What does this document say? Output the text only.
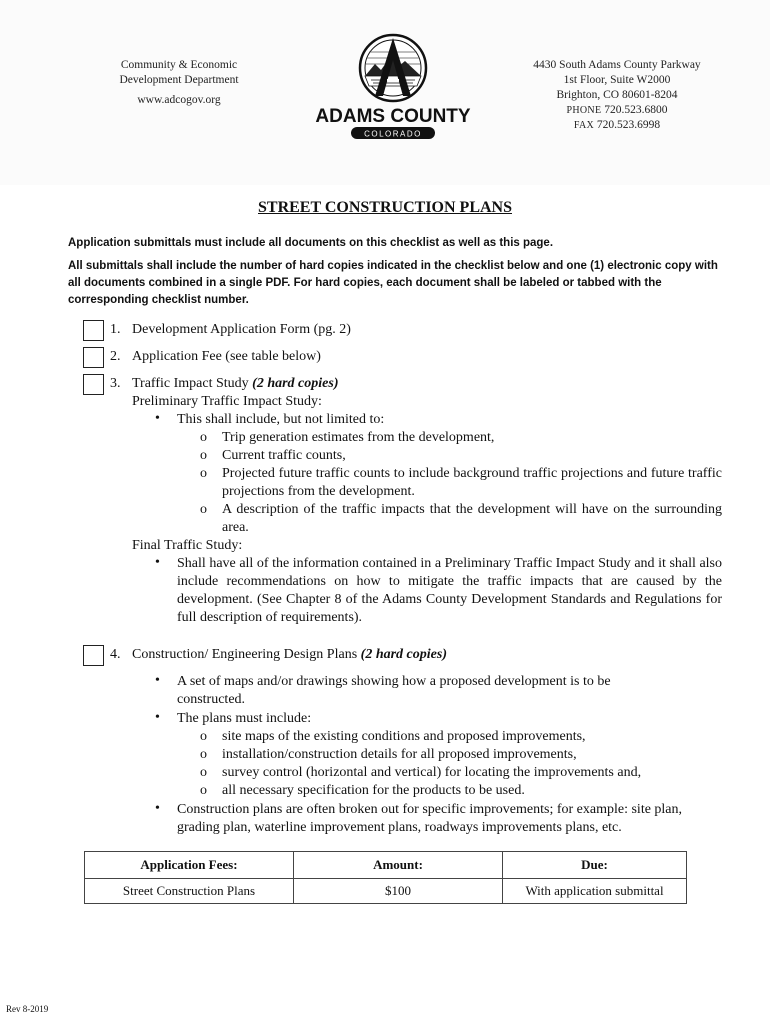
Community & Economic
Development Department
www.adcogov.org
ADAMS COUNTY
COLORADO
4430 South Adams County Parkway
1st Floor, Suite W2000
Brighton, CO 80601-8204
PHONE 720.523.6800
FAX 720.523.6998
STREET CONSTRUCTION PLANS
Application submittals must include all documents on this checklist as well as this page.
All submittals shall include the number of hard copies indicated in the checklist below and one (1) electronic copy with all documents combined in a single PDF. For hard copies, each document shall be labeled or tabbed with the corresponding checklist number.
1. Development Application Form (pg. 2)
2. Application Fee (see table below)
3. Traffic Impact Study (2 hard copies)
Preliminary Traffic Impact Study:
• This shall include, but not limited to:
o Trip generation estimates from the development,
o Current traffic counts,
o Projected future traffic counts to include background traffic projections and future traffic projections from the development.
o A description of the traffic impacts that the development will have on the surrounding area.
Final Traffic Study:
• Shall have all of the information contained in a Preliminary Traffic Impact Study and it shall also include recommendations on how to mitigate the traffic impacts that are caused by the development. (See Chapter 8 of the Adams County Development Standards and Regulations for full description of requirements).
4. Construction/ Engineering Design Plans (2 hard copies)
• A set of maps and/or drawings showing how a proposed development is to be constructed.
• The plans must include:
o site maps of the existing conditions and proposed improvements,
o installation/construction details for all proposed improvements,
o survey control (horizontal and vertical) for locating the improvements and,
o all necessary specification for the products to be used.
• Construction plans are often broken out for specific improvements; for example: site plan, grading plan, waterline improvement plans, roadways improvements plans, etc.
Application Fees:	Amount:	Due:
Street Construction Plans	$100	With application submittal
Rev 8-2019
